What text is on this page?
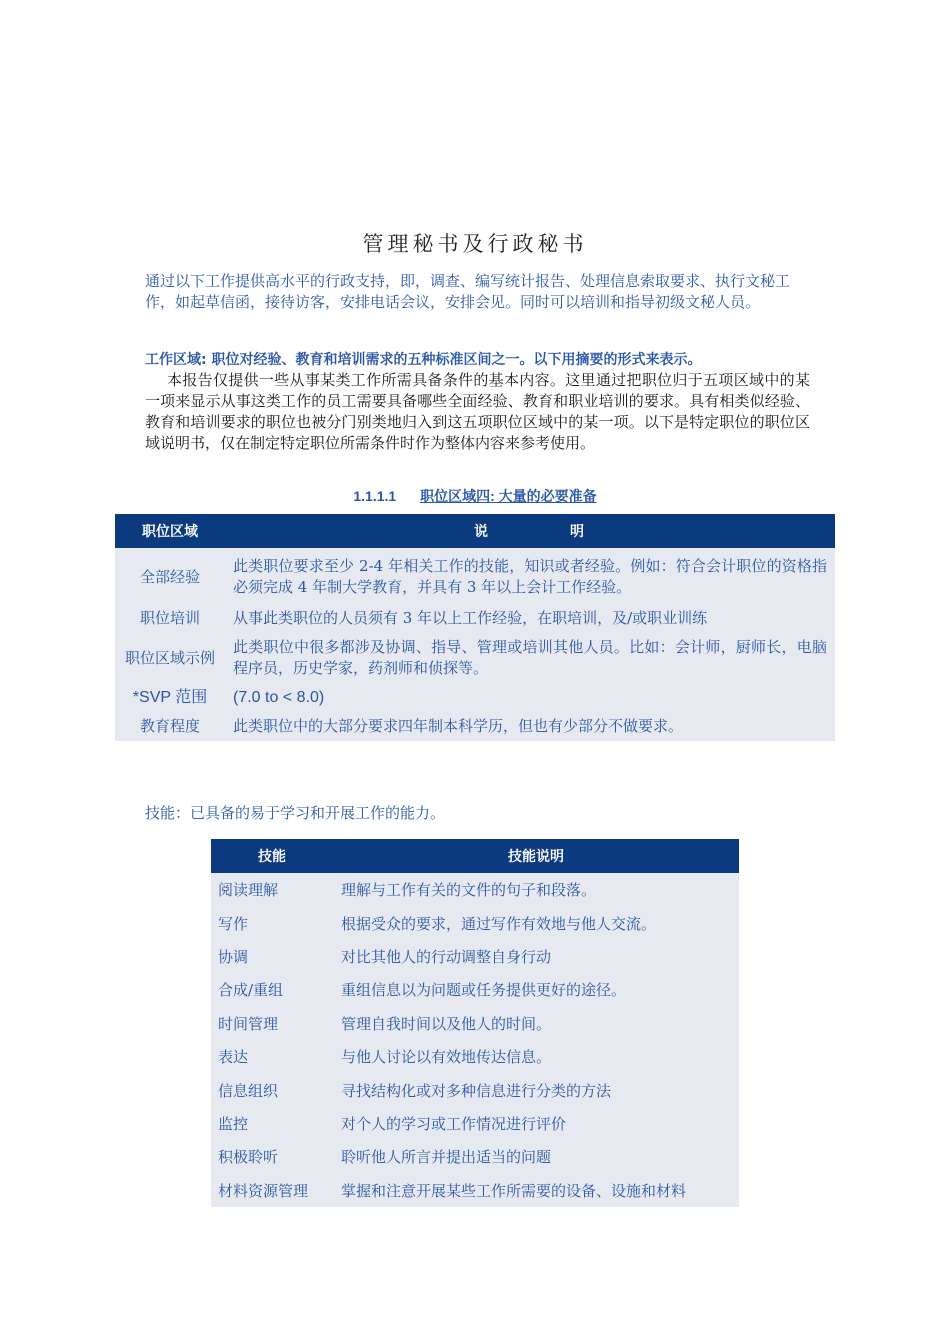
管理秘书及行政秘书
通过以下工作提供高水平的行政支持，即，调查、编写统计报告、处理信息索取要求、执行文秘工作，如起草信函，接待访客，安排电话会议，安排会见。同时可以培训和指导初级文秘人员。
工作区域: 职位对经验、教育和培训需求的五种标准区间之一。以下用摘要的形式来表示。
本报告仅提供一些从事某类工作所需具备条件的基本内容。这里通过把职位归于五项区域中的某一项来显示从事这类工作的员工需要具备哪些全面经验、教育和职业培训的要求。具有相类似经验、教育和培训要求的职位也被分门别类地归入到这五项职位区域中的某一项。以下是特定职位的职位区域说明书，仅在制定特定职位所需条件时作为整体内容来参考使用。
1.1.1.1 职位区域四: 大量的必要准备
职位区域	说 明
全部经验	此类职位要求至少 2-4 年相关工作的技能，知识或者经验。例如：符合会计职位的资格指必须完成 4 年制大学教育，并具有 3 年以上会计工作经验。
职位培训	从事此类职位的人员须有 3 年以上工作经验，在职培训，及/或职业训练
职位区域示例	此类职位中很多都涉及协调、指导、管理或培训其他人员。比如：会计师，厨师长，电脑程序员，历史学家，药剂师和侦探等。
*SVP 范围	(7.0 to < 8.0)
教育程度	此类职位中的大部分要求四年制本科学历，但也有少部分不做要求。
技能：已具备的易于学习和开展工作的能力。
技能	技能说明
阅读理解	理解与工作有关的文件的句子和段落。
写作	根据受众的要求，通过写作有效地与他人交流。
协调	对比其他人的行动调整自身行动
合成/重组	重组信息以为问题或任务提供更好的途径。
时间管理	管理自我时间以及他人的时间。
表达	与他人讨论以有效地传达信息。
信息组织	寻找结构化或对多种信息进行分类的方法
监控	对个人的学习或工作情况进行评价
积极聆听	聆听他人所言并提出适当的问题
材料资源管理	掌握和注意开展某些工作所需要的设备、设施和材料
